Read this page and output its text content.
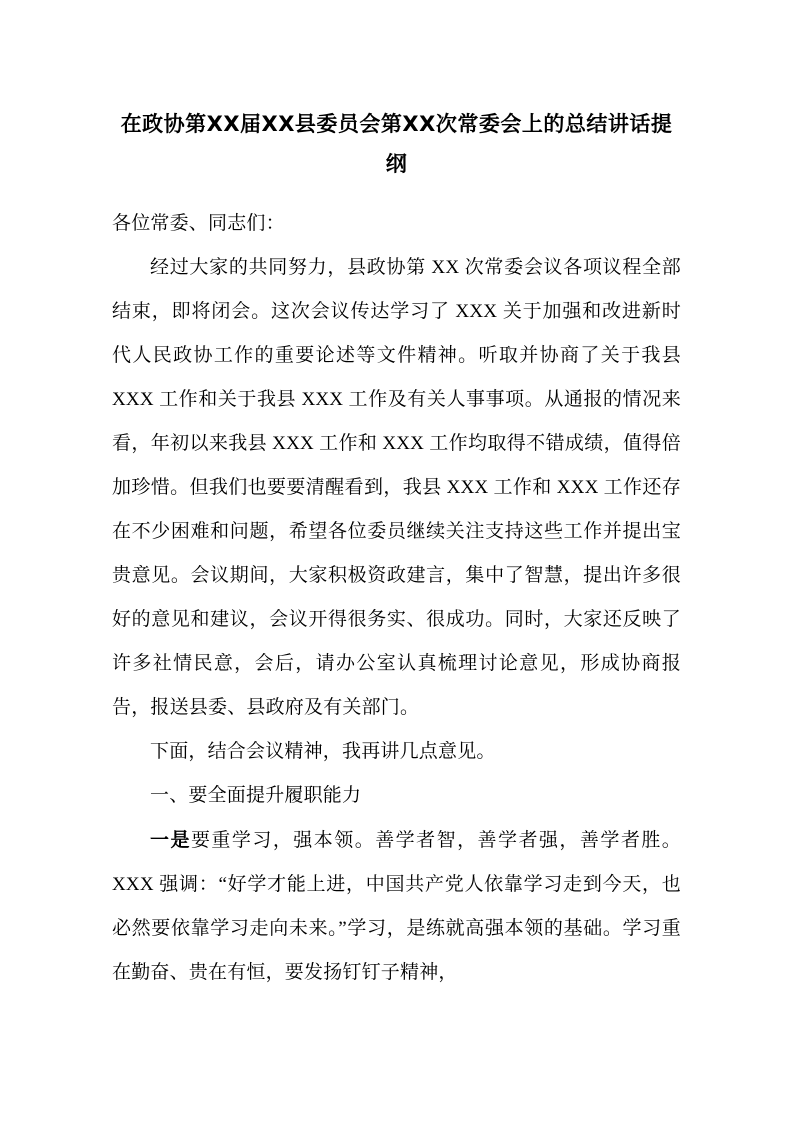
在政协第XX届XX县委员会第XX次常委会上的总结讲话提纲

各位常委、同志们：

经过大家的共同努力，县政协第 XX 次常委会议各项议程全部结束，即将闭会。这次会议传达学习了 XXX 关于加强和改进新时代人民政协工作的重要论述等文件精神。听取并协商了关于我县 XXX 工作和关于我县 XXX 工作及有关人事事项。从通报的情况来看，年初以来我县 XXX 工作和 XXX 工作均取得不错成绩，值得倍加珍惜。但我们也要要清醒看到，我县 XXX 工作和 XXX 工作还存在不少困难和问题，希望各位委员继续关注支持这些工作并提出宝贵意见。会议期间，大家积极资政建言，集中了智慧，提出许多很好的意见和建议，会议开得很务实、很成功。同时，大家还反映了许多社情民意，会后，请办公室认真梳理讨论意见，形成协商报告，报送县委、县政府及有关部门。

下面，结合会议精神，我再讲几点意见。

一、要全面提升履职能力

一是要重学习，强本领。善学者智，善学者强，善学者胜。XXX 强调：“好学才能上进，中国共产党人依靠学习走到今天，也必然要依靠学习走向未来。”学习，是练就高强本领的基础。学习重在勤奋、贵在有恒，要发扬钉钉子精神，
